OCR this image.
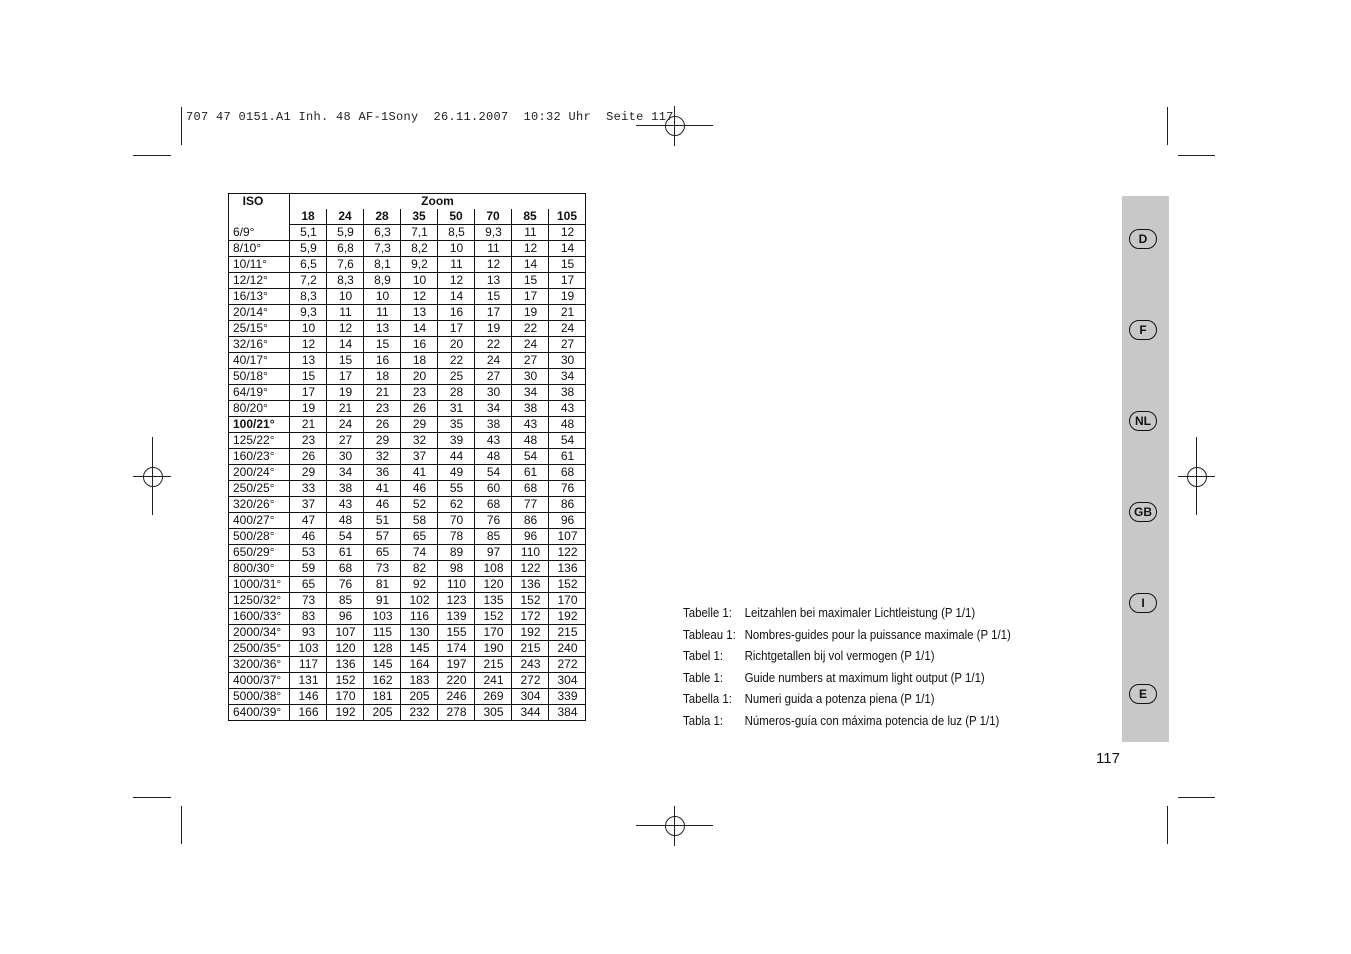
707 47 0151.A1 Inh. 48 AF-1Sony  26.11.2007  10:32 Uhr  Seite 117
ISO	Zoom							
	18	24	28	35	50	70	85	105
6/9°	5,1	5,9	6,3	7,1	8,5	9,3	11	12
8/10°	5,9	6,8	7,3	8,2	10	11	12	14
10/11°	6,5	7,6	8,1	9,2	11	12	14	15
12/12°	7,2	8,3	8,9	10	12	13	15	17
16/13°	8,3	10	10	12	14	15	17	19
20/14°	9,3	11	11	13	16	17	19	21
25/15°	10	12	13	14	17	19	22	24
32/16°	12	14	15	16	20	22	24	27
40/17°	13	15	16	18	22	24	27	30
50/18°	15	17	18	20	25	27	30	34
64/19°	17	19	21	23	28	30	34	38
80/20°	19	21	23	26	31	34	38	43
100/21°	21	24	26	29	35	38	43	48
125/22°	23	27	29	32	39	43	48	54
160/23°	26	30	32	37	44	48	54	61
200/24°	29	34	36	41	49	54	61	68
250/25°	33	38	41	46	55	60	68	76
320/26°	37	43	46	52	62	68	77	86
400/27°	47	48	51	58	70	76	86	96
500/28°	46	54	57	65	78	85	96	107
650/29°	53	61	65	74	89	97	110	122
800/30°	59	68	73	82	98	108	122	136
1000/31°	65	76	81	92	110	120	136	152
1250/32°	73	85	91	102	123	135	152	170
1600/33°	83	96	103	116	139	152	172	192
2000/34°	93	107	115	130	155	170	192	215
2500/35°	103	120	128	145	174	190	215	240
3200/36°	117	136	145	164	197	215	243	272
4000/37°	131	152	162	183	220	241	272	304
5000/38°	146	170	181	205	246	269	304	339
6400/39°	166	192	205	232	278	305	344	384
Tabelle 1: Leitzahlen bei maximaler Lichtleistung (P 1/1)
Tableau 1: Nombres-guides pour la puissance maximale (P 1/1)
Tabel 1:	Richtgetallen bij vol vermogen (P 1/1)
Table 1:	Guide numbers at maximum light output (P 1/1)
Tabella 1: Numeri guida a potenza piena (P 1/1)
Tabla 1:	Números-guía con máxima potencia de luz (P 1/1)
D
F
NL
GB
I
E
117
